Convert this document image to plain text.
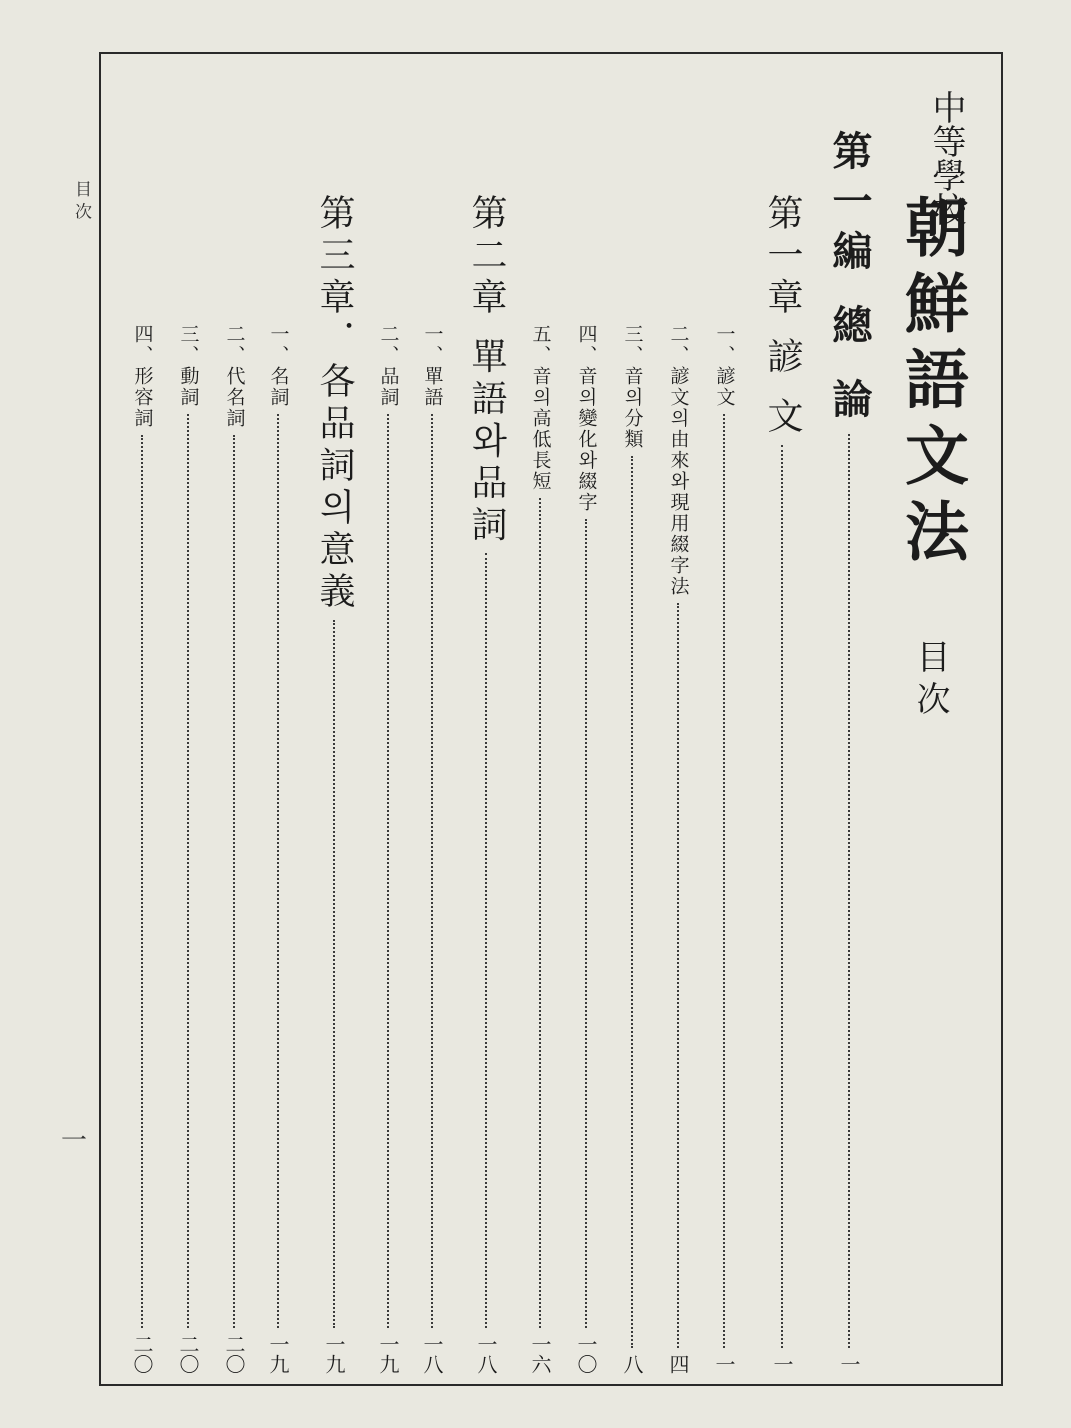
目 次
一
中等學校
朝鮮語文法
目次
第一編 總 論
一
第一章 諺 文
一
一、諺文
一
二、諺文의由來와現用綴字法
四
三、音의分類
八
四、音의變化와綴字
一〇
五、音의高低長短
一六
第二章 單語와品詞
一八
一、單語
一八
二、品詞
一九
第三章．各品詞의意義
一九
一、名詞
一九
二、代名詞
二〇
三、動詞
二〇
四、形容詞
二〇
